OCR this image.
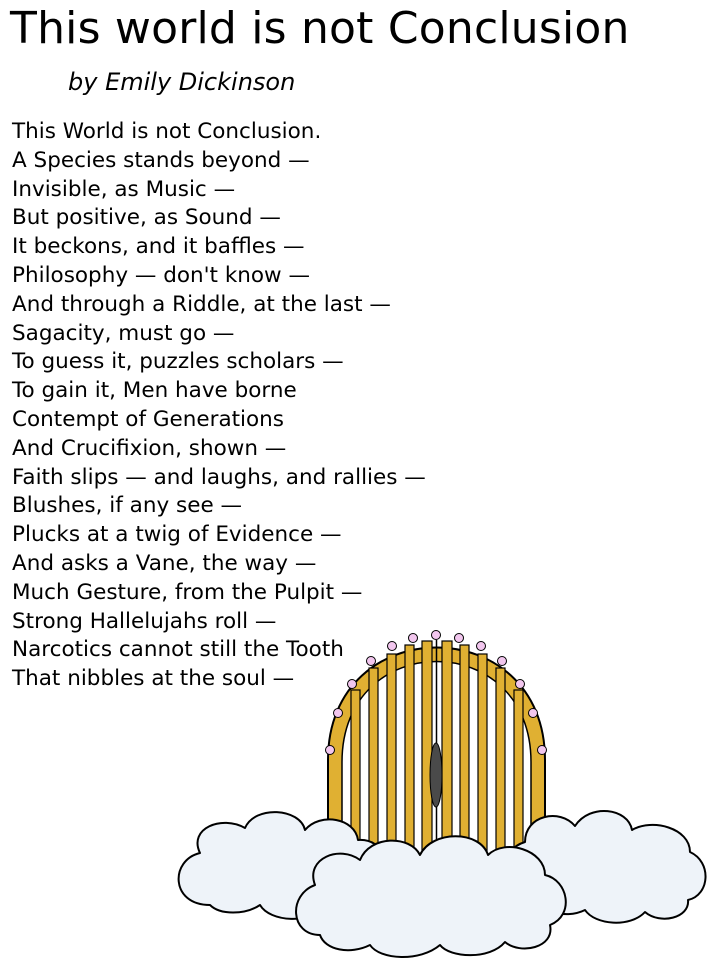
This world is not Conclusion
by Emily Dickinson
This World is not Conclusion.
A Species stands beyond —
Invisible, as Music —
But positive, as Sound —
It beckons, and it baffles —
Philosophy — don't know —
And through a Riddle, at the last —
Sagacity, must go —
To guess it, puzzles scholars —
To gain it, Men have borne
Contempt of Generations
And Crucifixion, shown —
Faith slips — and laughs, and rallies —
Blushes, if any see —
Plucks at a twig of Evidence —
And asks a Vane, the way —
Much Gesture, from the Pulpit —
Strong Hallelujahs roll —
Narcotics cannot still the Tooth
That nibbles at the soul —
